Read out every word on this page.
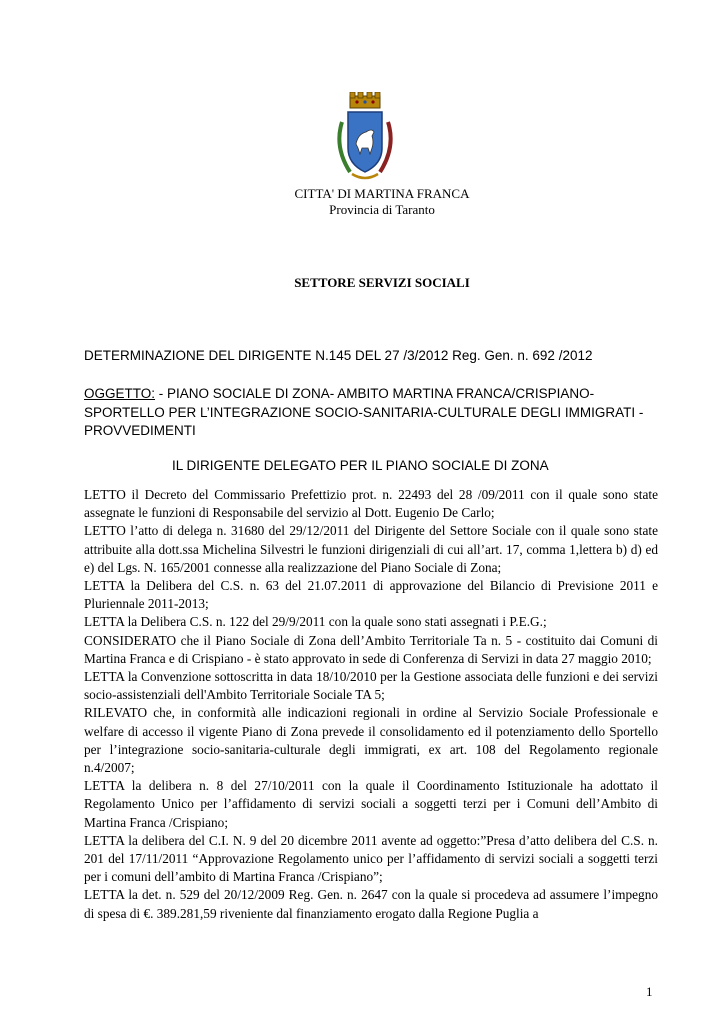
CITTA' DI MARTINA FRANCA
Provincia di Taranto
SETTORE SERVIZI SOCIALI
DETERMINAZIONE DEL DIRIGENTE N.145 DEL 27 /3/2012 Reg. Gen. n. 692 /2012
OGGETTO: - PIANO SOCIALE DI ZONA- AMBITO MARTINA FRANCA/CRISPIANO-SPORTELLO PER L’INTEGRAZIONE SOCIO-SANITARIA-CULTURALE DEGLI IMMIGRATI -PROVVEDIMENTI
IL DIRIGENTE DELEGATO PER IL PIANO SOCIALE DI ZONA

LETTO il Decreto del Commissario Prefettizio prot. n. 22493 del 28 /09/2011 con il quale sono state assegnate le funzioni di Responsabile del servizio al Dott. Eugenio De Carlo;

LETTO l’atto di delega n. 31680 del 29/12/2011 del Dirigente del Settore Sociale con il quale sono state attribuite alla dott.ssa Michelina Silvestri le funzioni dirigenziali di cui all’art. 17, comma 1,lettera b) d) ed e) del Lgs. N. 165/2001 connesse alla realizzazione del Piano Sociale di Zona;

LETTA la Delibera del C.S. n. 63 del 21.07.2011 di approvazione del Bilancio di Previsione 2011 e Pluriennale 2011-2013;

LETTA la Delibera C.S. n. 122 del 29/9/2011 con la quale sono stati assegnati i P.E.G.;

CONSIDERATO che il Piano Sociale di Zona dell’Ambito Territoriale Ta n. 5 - costituito dai Comuni di Martina Franca e di Crispiano - è stato approvato in sede di Conferenza di Servizi in data 27 maggio 2010;

LETTA la Convenzione sottoscritta in data 18/10/2010 per la Gestione associata delle funzioni e dei servizi socio-assistenziali dell'Ambito Territoriale Sociale TA 5;

RILEVATO che, in conformità alle indicazioni regionali in ordine al Servizio Sociale Professionale e welfare di accesso il vigente Piano di Zona prevede il consolidamento ed il potenziamento dello Sportello per l’integrazione socio-sanitaria-culturale degli immigrati, ex art. 108 del Regolamento regionale n.4/2007;

LETTA la delibera n. 8 del 27/10/2011 con la quale il Coordinamento Istituzionale ha adottato il Regolamento Unico per l’affidamento di servizi sociali a soggetti terzi per i Comuni dell’Ambito di Martina Franca /Crispiano;

LETTA la delibera del C.I. N. 9 del 20 dicembre 2011 avente ad oggetto:”Presa d’atto delibera del C.S. n. 201 del 17/11/2011 “Approvazione Regolamento unico per l’affidamento di servizi sociali a soggetti terzi per i comuni dell’ambito di Martina Franca /Crispiano”;

LETTA la det. n. 529 del 20/12/2009 Reg. Gen. n. 2647 con la quale si procedeva ad assumere l’impegno di spesa di €. 389.281,59 riveniente dal finanziamento erogato dalla Regione Puglia a

1
